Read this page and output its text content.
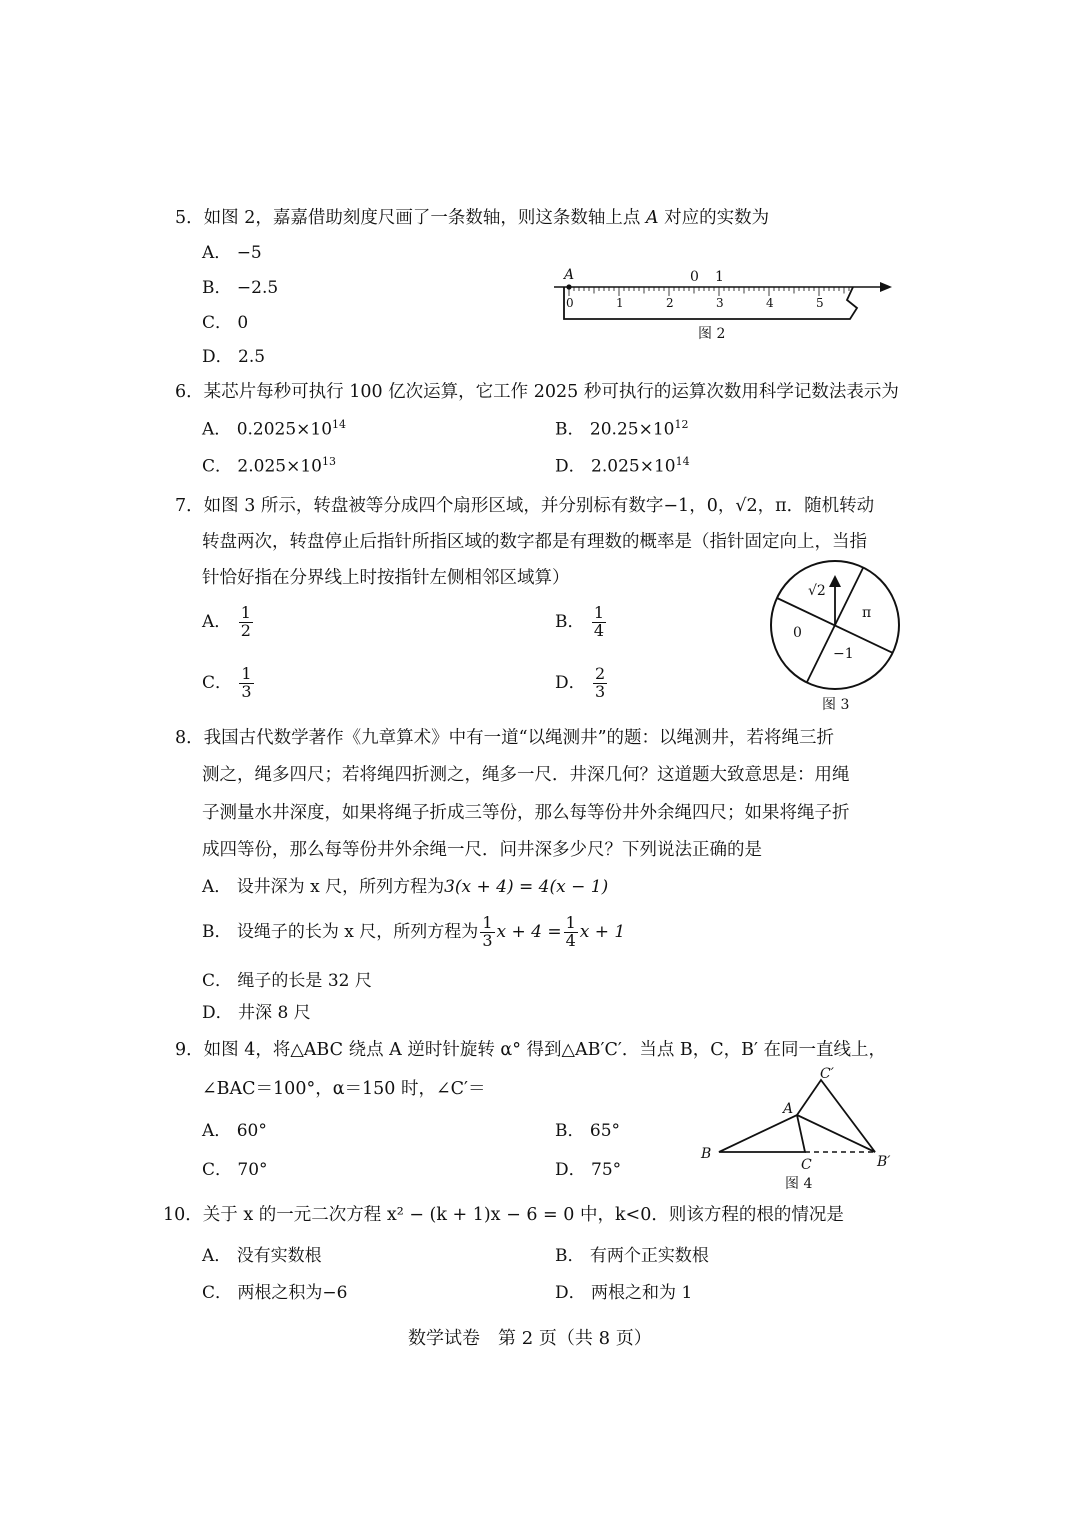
5．如图 2，嘉嘉借助刻度尺画了一条数轴，则这条数轴上点 A 对应的实数为
A． −5
B． −2.5
C． 0
D． 2.5
A	0 1
0	1	2	3	4	5
图 2
6．某芯片每秒可执行 100 亿次运算，它工作 2025 秒可执行的运算次数用科学记数法表示为
A． $0.2025\times 10^{14}$	B． $20.25\times 10^{12}$
C． $2.025\times 10^{13}$	D． $2.025\times 10^{14}$
7．如图 3 所示，转盘被等分成四个扇形区域，并分别标有数字−1，0，√2，π．随机转动
转盘两次，转盘停止后指针所指区域的数字都是有理数的概率是（指针固定向上，当指
针恰好指在分界线上时按指针左侧相邻区域算）
A． $\frac{1}{2}$	B． $\frac{1}{4}$
C． $\frac{1}{3}$	D． $\frac{2}{3}$
√2
π
0
−1
图 3
8．我国古代数学著作《九章算术》中有一道“以绳测井”的题：以绳测井，若将绳三折
测之，绳多四尺；若将绳四折测之，绳多一尺．井深几何？这道题大致意思是：用绳
子测量水井深度，如果将绳子折成三等份，那么每等份井外余绳四尺；如果将绳子折
成四等份，那么每等份井外余绳一尺．问井深多少尺？下列说法正确的是
A． 设井深为 x 尺，所列方程为3(x + 4) = 4(x − 1)
B． 设绳子的长为 x 尺，所列方程为 $\frac{1}{3}$ $x + 4 = \frac{1}{4}$ x + 1
C． 绳子的长是 32 尺
D． 井深 8 尺
9．如图 4，将△ABC 绕点 A 逆时针旋转 α° 得到△AB′C′．当点 B，C，B′ 在同一直线上，
∠BAC＝100°，α＝150 时，∠C′＝
A． 60°	B． 65°
C． 70°	D． 75°
C′
A
B
C	B′
图 4
10．关于 x 的一元二次方程 x² − (k + 1)x − 6 = 0 中，k<0．则该方程的根的情况是
A． 没有实数根	B． 有两个正实数根
C． 两根之积为−6	D． 两根之和为 1
数学试卷　第 2 页（共 8 页）
